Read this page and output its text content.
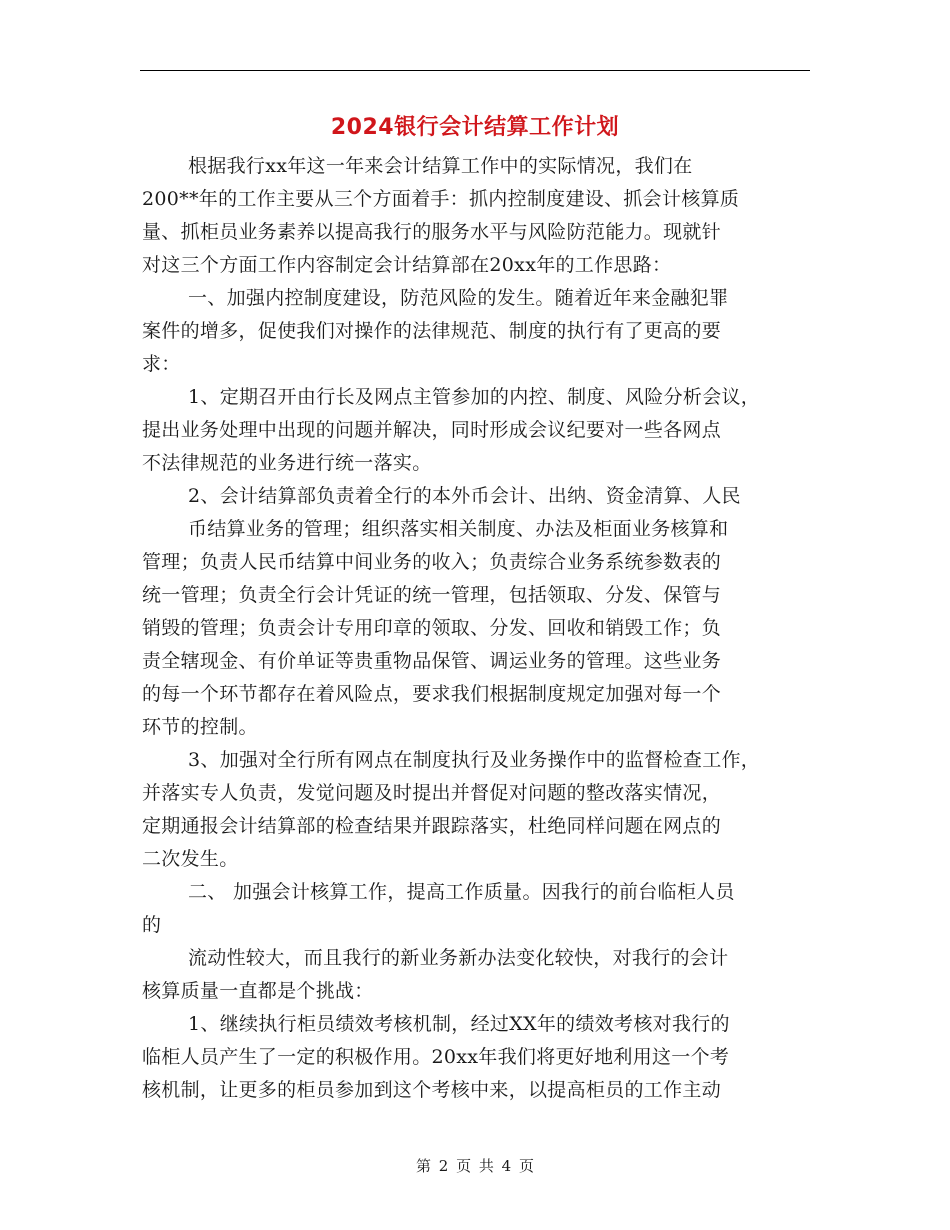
2024银行会计结算工作计划
根据我行xx年这一年来会计结算工作中的实际情况，我们在
200**年的工作主要从三个方面着手：抓内控制度建设、抓会计核算质
量、抓柜员业务素养以提高我行的服务水平与风险防范能力。现就针
对这三个方面工作内容制定会计结算部在20xx年的工作思路：
一、加强内控制度建设，防范风险的发生。随着近年来金融犯罪
案件的增多，促使我们对操作的法律规范、制度的执行有了更高的要
求：
1、定期召开由行长及网点主管参加的内控、制度、风险分析会议，
提出业务处理中出现的问题并解决，同时形成会议纪要对一些各网点
不法律规范的业务进行统一落实。
2、会计结算部负责着全行的本外币会计、出纳、资金清算、人民
币结算业务的管理；组织落实相关制度、办法及柜面业务核算和
管理；负责人民币结算中间业务的收入；负责综合业务系统参数表的
统一管理；负责全行会计凭证的统一管理，包括领取、分发、保管与
销毁的管理；负责会计专用印章的领取、分发、回收和销毁工作；负
责全辖现金、有价单证等贵重物品保管、调运业务的管理。这些业务
的每一个环节都存在着风险点，要求我们根据制度规定加强对每一个
环节的控制。
3、加强对全行所有网点在制度执行及业务操作中的监督检查工作，
并落实专人负责，发觉问题及时提出并督促对问题的整改落实情况，
定期通报会计结算部的检查结果并跟踪落实，杜绝同样问题在网点的
二次发生。
二、 加强会计核算工作，提高工作质量。因我行的前台临柜人员
的
流动性较大，而且我行的新业务新办法变化较快，对我行的会计
核算质量一直都是个挑战：
1、继续执行柜员绩效考核机制，经过XX年的绩效考核对我行的
临柜人员产生了一定的积极作用。20xx年我们将更好地利用这一个考
核机制，让更多的柜员参加到这个考核中来，以提高柜员的工作主动
第 2 页 共 4 页
